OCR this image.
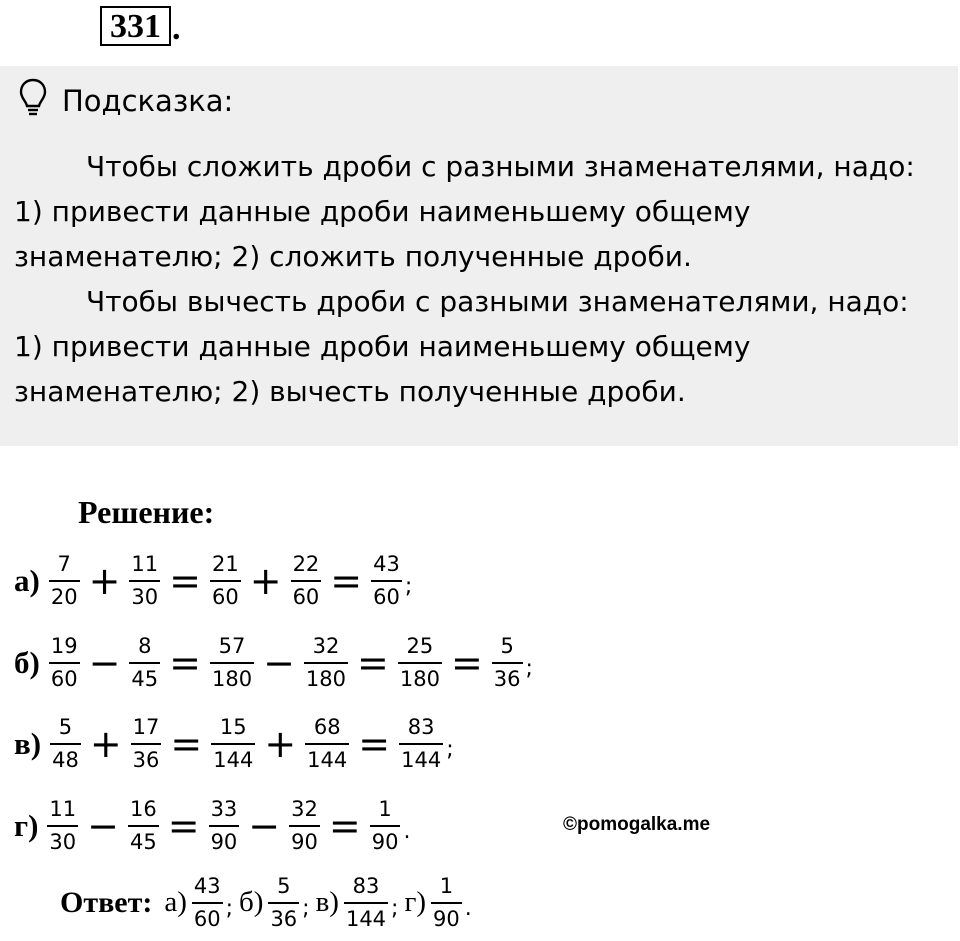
331 .
Подсказка:

Чтобы сложить дроби с разными знаменателями, надо:

1) привести данные дроби наименьшему общему

знаменателю; 2) сложить полученные дроби.

Чтобы вычесть дроби с разными знаменателями, надо:

1) привести данные дроби наименьшему общему

знаменателю; 2) вычесть полученные дроби.

Решение:
$а) \frac{7}{20} + \frac{11}{30} = \frac{21}{60} + \frac{22}{60} = \frac{43}{60}$ ;
$б) \frac{19}{60} - \frac{8}{45} = \frac{57}{180} - \frac{32}{180} = \frac{25}{180} = \frac{5}{36}$ ;
$в) \frac{5}{48} + \frac{17}{36} = \frac{15}{144} + \frac{68}{144} = \frac{83}{144}$ ;
$г) \frac{11}{30} - \frac{16}{45} = \frac{33}{90} - \frac{32}{90} = \frac{1}{90}$ .	©pomogalka.me
Ответ: $а) \frac{43}{60}$ ; $б) \frac{5}{36}$ ; $в) \frac{83}{144}$ ; $г) \frac{1}{90}$ .
